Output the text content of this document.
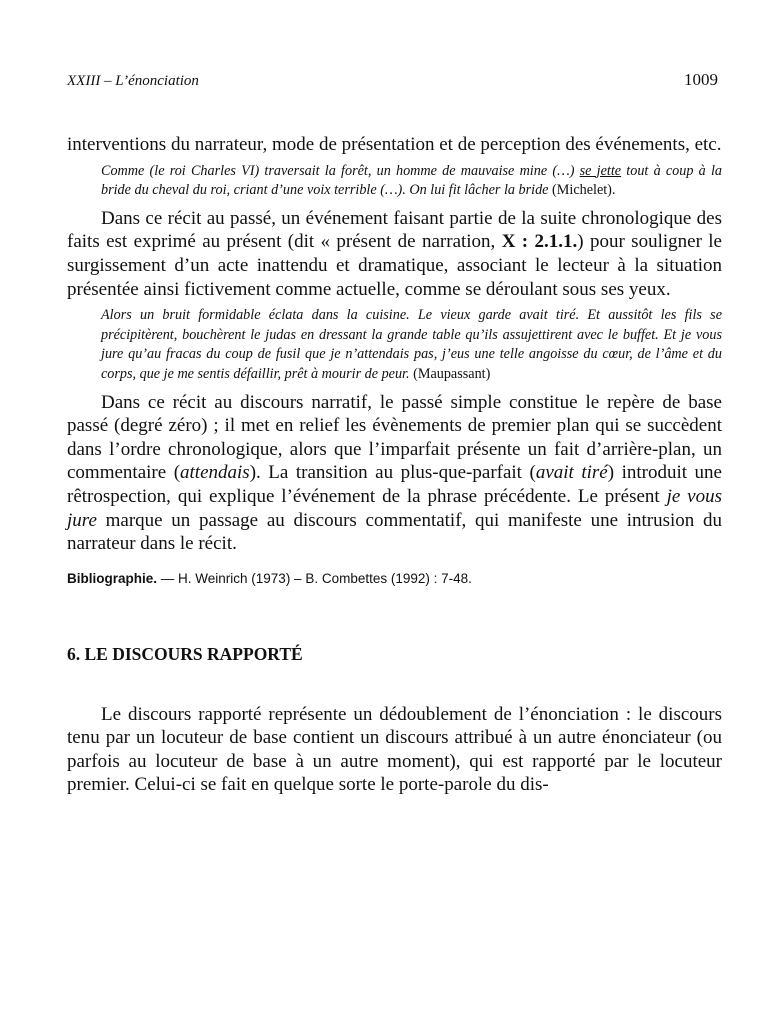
XXIII – L’énonciation	1009

interventions du narrateur, mode de présentation et de perception des événements, etc.

Comme (le roi Charles VI) traversait la forêt, un homme de mauvaise mine (…) se jette tout à coup à la bride du cheval du roi, criant d’une voix terrible (…). On lui fit lâcher la bride (Michelet).

Dans ce récit au passé, un événement faisant partie de la suite chronologique des faits est exprimé au présent (dit « présent de narration, X : 2.1.1.) pour souligner le surgissement d’un acte inattendu et dramatique, associant le lecteur à la situation présentée ainsi fictivement comme actuelle, comme se déroulant sous ses yeux.

Alors un bruit formidable éclata dans la cuisine. Le vieux garde avait tiré. Et aussitôt les fils se précipitèrent, bouchèrent le judas en dressant la grande table qu’ils assujettirent avec le buffet. Et je vous jure qu’au fracas du coup de fusil que je n’attendais pas, j’eus une telle angoisse du cœur, de l’âme et du corps, que je me sentis défaillir, prêt à mourir de peur. (Maupassant)

Dans ce récit au discours narratif, le passé simple constitue le repère de base passé (degré zéro) ; il met en relief les évènements de premier plan qui se succèdent dans l’ordre chronologique, alors que l’imparfait présente un fait d’arrière-plan, un commentaire (attendais). La transition au plus-que-parfait (avait tiré) introduit une rêtrospection, qui explique l’événement de la phrase précédente. Le présent je vous jure marque un passage au discours commentatif, qui manifeste une intrusion du narrateur dans le récit.

Bibliographie. — H. Weinrich (1973) – B. Combettes (1992) : 7-48.
6. LE DISCOURS RAPPORTÉ

Le discours rapporté représente un dédoublement de l’énonciation : le discours tenu par un locuteur de base contient un discours attribué à un autre énonciateur (ou parfois au locuteur de base à un autre moment), qui est rapporté par le locuteur premier. Celui-ci se fait en quelque sorte le porte-parole du dis-
